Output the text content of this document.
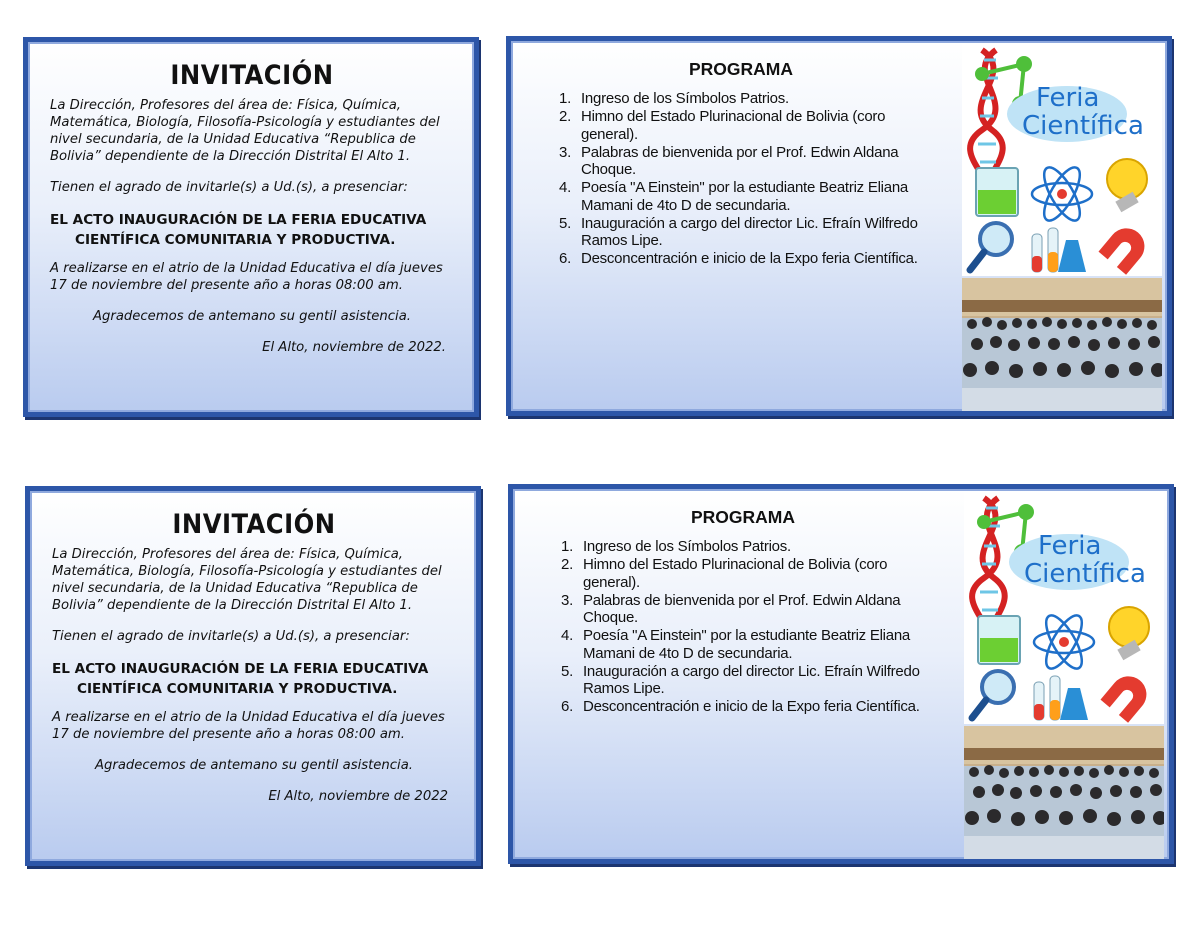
INVITACIÓN

La Dirección, Profesores del área de: Física, Química, Matemática, Biología, Filosofía-Psicología y estudiantes del nivel secundaria, de la Unidad Educativa “Republica de Bolivia” dependiente de la Dirección Distrital El Alto 1.

Tienen el agrado de invitarle(s) a Ud.(s), a presenciar:

EL ACTO INAUGURACIÓN DE LA FERIA EDUCATIVA
CIENTÍFICA COMUNITARIA Y PRODUCTIVA.

A realizarse en el atrio de la Unidad Educativa el día jueves 17 de noviembre del presente año a horas 08:00 am.

Agradecemos de antemano su gentil asistencia.

El Alto, noviembre de 2022.

PROGRAMA
1. Ingreso de los Símbolos Patrios.
2. Himno del Estado Plurinacional de Bolivia (coro general).
3. Palabras de bienvenida por el Prof. Edwin Aldana Choque.
4. Poesía "A Einstein" por la estudiante Beatriz Eliana Mamani de 4to D de secundaria.
5. Inauguración a cargo del director Lic. Efraín Wilfredo Ramos Lipe.
6. Desconcentración e inicio de la Expo feria Científica.
Feria
Científica
INVITACIÓN

La Dirección, Profesores del área de: Física, Química, Matemática, Biología, Filosofía-Psicología y estudiantes del nivel secundaria, de la Unidad Educativa “Republica de Bolivia” dependiente de la Dirección Distrital El Alto 1.

Tienen el agrado de invitarle(s) a Ud.(s), a presenciar:

EL ACTO INAUGURACIÓN DE LA FERIA EDUCATIVA
CIENTÍFICA COMUNITARIA Y PRODUCTIVA.

A realizarse en el atrio de la Unidad Educativa el día jueves 17 de noviembre del presente año a horas 08:00 am.

Agradecemos de antemano su gentil asistencia.

El Alto, noviembre de 2022

PROGRAMA
1. Ingreso de los Símbolos Patrios.
2. Himno del Estado Plurinacional de Bolivia (coro general).
3. Palabras de bienvenida por el Prof. Edwin Aldana Choque.
4. Poesía "A Einstein" por la estudiante Beatriz Eliana Mamani de 4to D de secundaria.
5. Inauguración a cargo del director Lic. Efraín Wilfredo Ramos Lipe.
6. Desconcentración e inicio de la Expo feria Científica.
Feria
Científica
